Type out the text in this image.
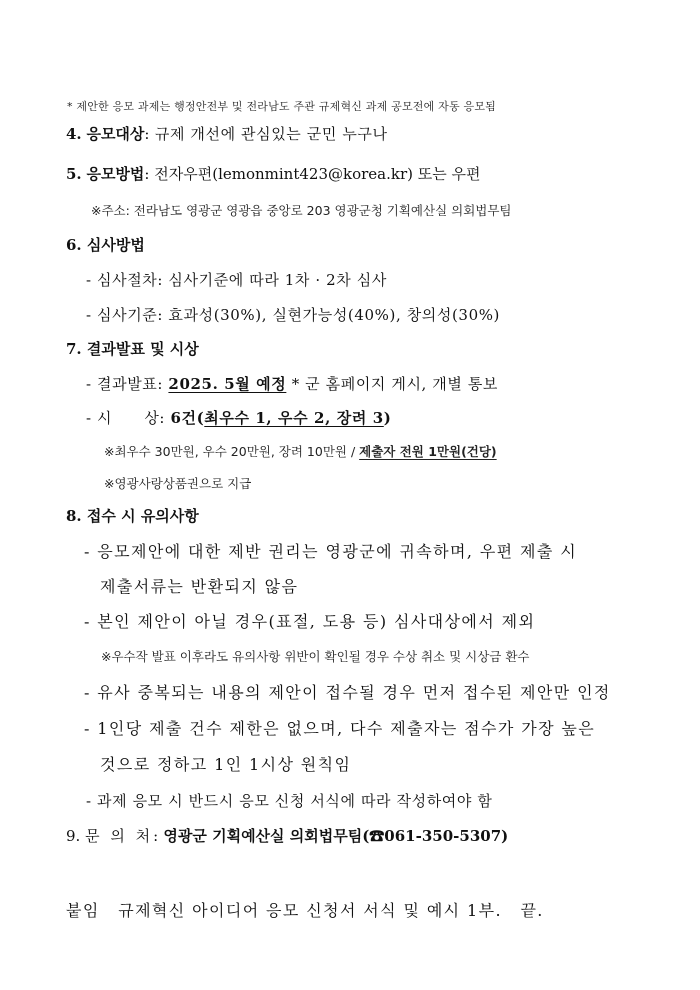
* 제안한 응모 과제는 행정안전부 및 전라남도 주관 규제혁신 과제 공모전에 자동 응모됨
4. 응모대상: 규제 개선에 관심있는 군민 누구나
5. 응모방법: 전자우편(lemonmint423@korea.kr) 또는 우편
※주소: 전라남도 영광군 영광읍 중앙로 203 영광군청 기획예산실 의회법무팀
6. 심사방법
- 심사절차: 심사기준에 따라 1차 · 2차 심사
- 심사기준: 효과성(30%), 실현가능성(40%), 창의성(30%)
7. 결과발표 및 시상
- 결과발표: 2025. 5월 예정 * 군 홈페이지 게시, 개별 통보
- 시      상: 6건(최우수 1, 우수 2, 장려 3)
※최우수 30만원, 우수 20만원, 장려 10만원 / 제출자 전원 1만원(건당)
※영광사랑상품권으로 지급
8. 접수 시 유의사항
- 응모제안에 대한 제반 권리는 영광군에 귀속하며, 우편 제출 시
제출서류는 반환되지 않음
- 본인 제안이 아닐 경우(표절, 도용 등) 심사대상에서 제외
※우수작 발표 이후라도 유의사항 위반이 확인될 경우 수상 취소 및 시상금 환수
- 유사 중복되는 내용의 제안이 접수될 경우 먼저 접수된 제안만 인정
- 1인당 제출 건수 제한은 없으며, 다수 제출자는 점수가 가장 높은
것으로 정하고 1인 1시상 원칙임
- 과제 응모 시 반드시 응모 신청 서식에 따라 작성하여야 함
9. 문 의 처: 영광군 기획예산실 의회법무팀(☎061-350-5307)
붙임 규제혁신 아이디어 응모 신청서 서식 및 예시 1부. 끝.
